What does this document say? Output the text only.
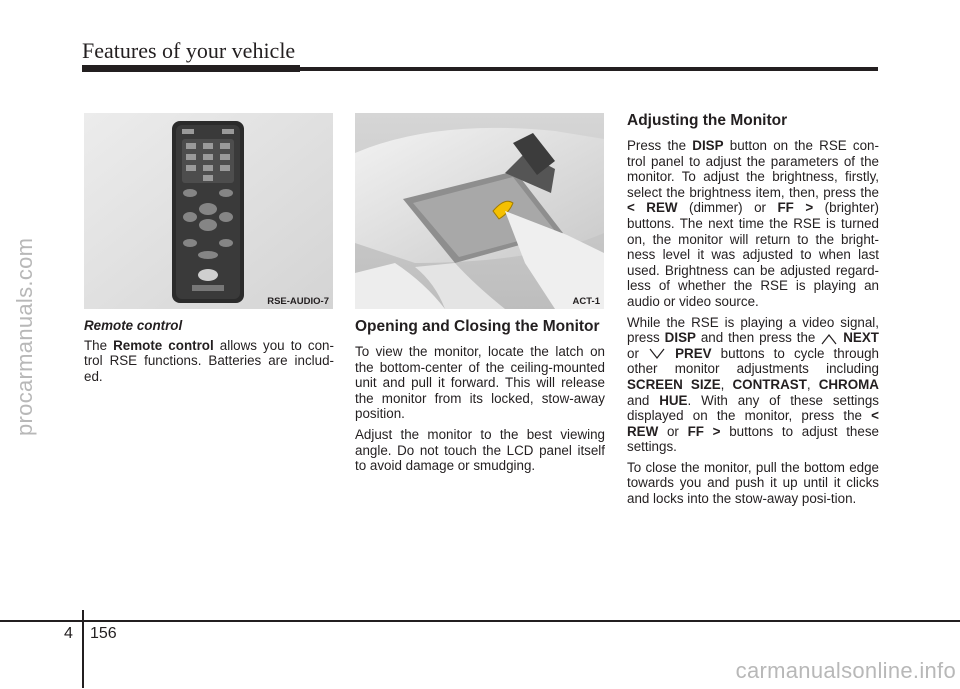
Features of your vehicle
procarmanuals.com	RSE-AUDIO-7	ACT-1
Remote control

The Remote control allows you to con-trol RSE functions. Batteries are includ-ed.

Opening and Closing the Monitor

To view the monitor, locate the latch on the bottom-center of the ceiling-mounted unit and pull it forward. This will release the monitor from its locked, stow-away position.

Adjust the monitor to the best viewing angle. Do not touch the LCD panel itself to avoid damage or smudging.

Adjusting the Monitor

Press the DISP button on the RSE con-trol panel to adjust the parameters of the monitor. To adjust the brightness, firstly, select the brightness item, then, press the < REW (dimmer) or FF > (brighter) buttons. The next time the RSE is turned on, the monitor will return to the bright-ness level it was adjusted to when last used. Brightness can be adjusted regard-less of whether the RSE is playing an audio or video source.

While the RSE is playing a video signal, press DISP and then press the NEXT or	PREV buttons to cycle through other monitor adjustments including SCREEN SIZE, CONTRAST, CHROMA and HUE. With any of these settings displayed on the monitor, press the < REW or FF > buttons to adjust these settings.

To close the monitor, pull the bottom edge towards you and push it up until it clicks and locks into the stow-away posi-tion.

4 156
carmanualsonline.info
